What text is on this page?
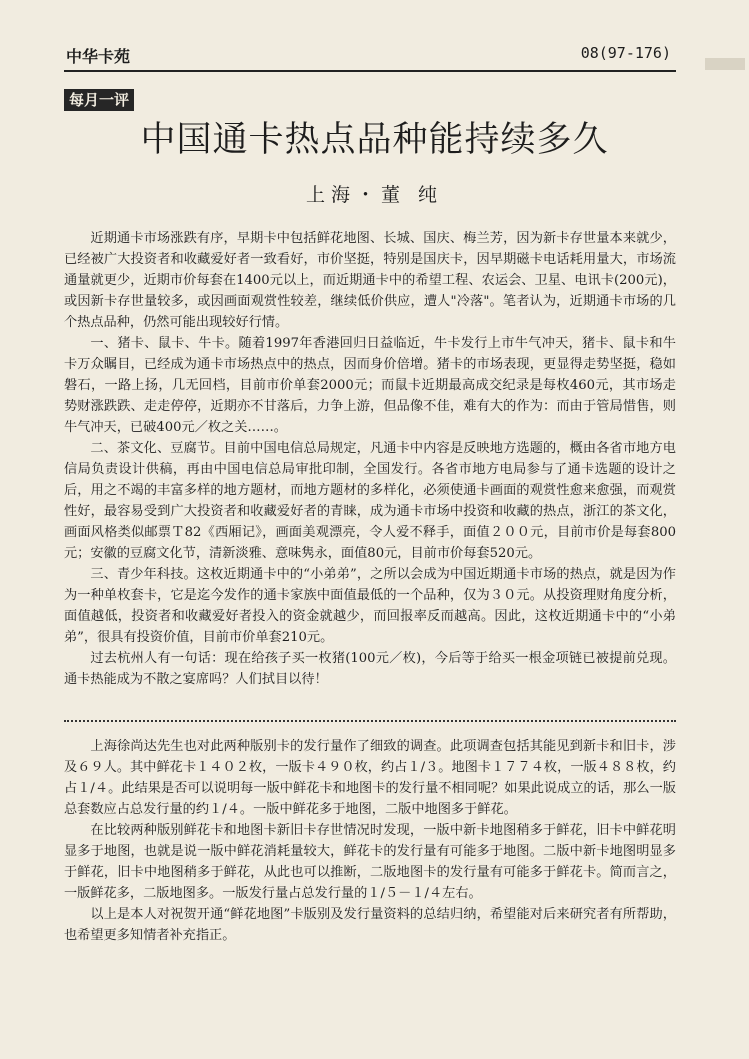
中华卡苑	08(97-176)
每月一评
中国通卡热点品种能持续多久
上海・董 纯

近期通卡市场涨跌有序，早期卡中包括鲜花地图、长城、国庆、梅兰芳，因为新卡存世量本来就少，已经被广大投资者和收藏爱好者一致看好，市价坚挺，特别是国庆卡，因早期磁卡电话耗用量大，市场流通量就更少，近期市价每套在1400元以上，而近期通卡中的希望工程、农运会、卫星、电讯卡(200元)，或因新卡存世量较多，或因画面观赏性较差，继续低价供应，遭人"冷落"。笔者认为，近期通卡市场的几个热点品种，仍然可能出现较好行情。

一、猪卡、鼠卡、牛卡。随着1997年香港回归日益临近，牛卡发行上市牛气冲天，猪卡、鼠卡和牛卡万众瞩目，已经成为通卡市场热点中的热点，因而身价倍增。猪卡的市场表现，更显得走势坚挺，稳如磐石，一路上扬，几无回档，目前市价单套2000元；而鼠卡近期最高成交纪录是每枚460元，其市场走势财涨跌跌、走走停停，近期亦不甘落后，力争上游，但品像不佳，难有大的作为：而由于管局惜售，则牛气冲天，已破400元／枚之关……。

二、茶文化、豆腐节。目前中国电信总局规定，凡通卡中内容是反映地方选题的，概由各省市地方电信局负责设计供稿，再由中国电信总局审批印制，全国发行。各省市地方电局参与了通卡选题的设计之后，用之不竭的丰富多样的地方题材，而地方题材的多样化，必须使通卡画面的观赏性愈来愈强，而观赏性好，最容易受到广大投资者和收藏爱好者的青睐，成为通卡市场中投资和收藏的热点，浙江的茶文化，画面风格类似邮票Ｔ82《西厢记》，画面美观漂亮，令人爱不释手，面值２００元，目前市价是每套800元；安徽的豆腐文化节，清新淡雅、意味隽永，面值80元，目前市价每套520元。

三、青少年科技。这枚近期通卡中的“小弟弟”，之所以会成为中国近期通卡市场的热点，就是因为作为一种单枚套卡，它是迄今发作的通卡家族中面值最低的一个品种，仅为３０元。从投资理财角度分析，面值越低，投资者和收藏爱好者投入的资金就越少，而回报率反而越高。因此，这枚近期通卡中的“小弟弟”，很具有投资价值，目前市价单套210元。

过去杭州人有一句话：现在给孩子买一枚猪(100元／枚)，今后等于给买一根金项链已被提前兑现。通卡热能成为不散之宴席吗？人们拭目以待！

上海徐尚达先生也对此两种版别卡的发行量作了细致的调查。此项调查包括其能见到新卡和旧卡，涉及６９人。其中鲜花卡１４０２枚，一版卡４９０枚，约占１/３。地图卡１７７４枚，一版４８８枚，约占１/４。此结果是否可以说明每一版中鲜花卡和地图卡的发行量不相同呢？如果此说成立的话，那么一版总套数应占总发行量的约１/４。一版中鲜花多于地图，二版中地图多于鲜花。

在比较两种版别鲜花卡和地图卡新旧卡存世情况时发现，一版中新卡地图稍多于鲜花，旧卡中鲜花明显多于地图，也就是说一版中鲜花消耗量较大，鲜花卡的发行量有可能多于地图。二版中新卡地图明显多于鲜花，旧卡中地图稍多于鲜花，从此也可以推断，二版地图卡的发行量有可能多于鲜花卡。简而言之，一版鲜花多，二版地图多。一版发行量占总发行量的１/５－１/４左右。

以上是本人对祝贺开通“鲜花地图”卡版别及发行量资料的总结归纳，希望能对后来研究者有所帮助，也希望更多知情者补充指正。
